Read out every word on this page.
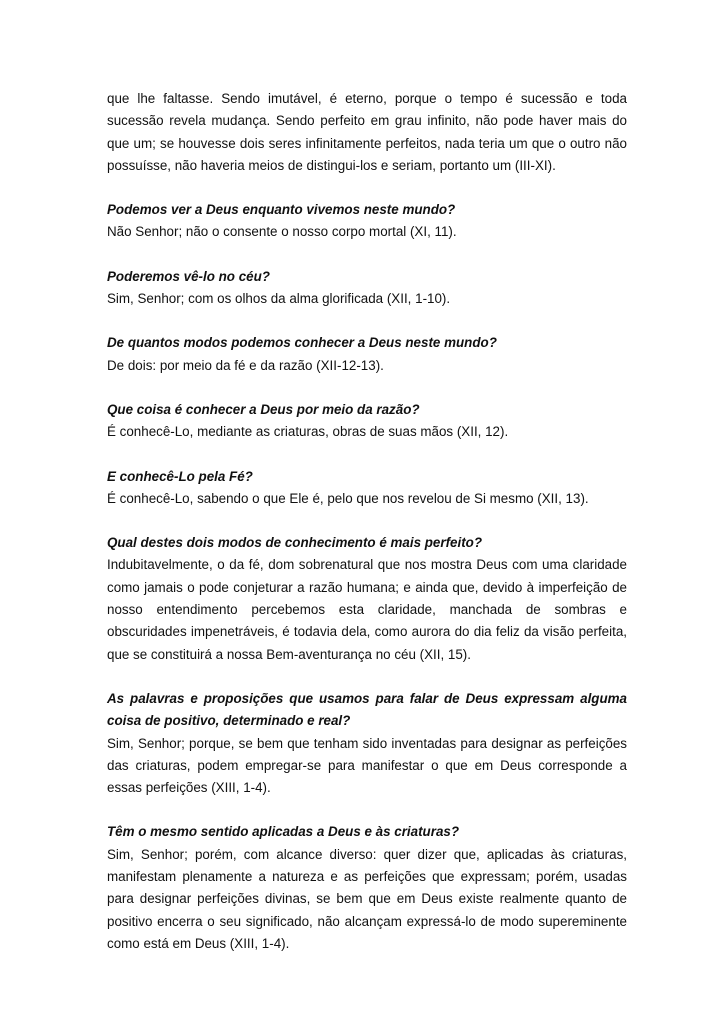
que lhe faltasse. Sendo imutável, é eterno, porque o tempo é sucessão e toda sucessão revela mudança. Sendo perfeito em grau infinito, não pode haver mais do que um; se houvesse dois seres infinitamente perfeitos, nada teria um que o outro não possuísse, não haveria meios de distingui-los e seriam, portanto um (III-XI).

Podemos ver a Deus enquanto vivemos neste mundo?

Não Senhor; não o consente o nosso corpo mortal (XI, 11).

Poderemos vê-lo no céu?

Sim, Senhor; com os olhos da alma glorificada (XII, 1-10).

De quantos modos podemos conhecer a Deus neste mundo?

De dois: por meio da fé e da razão (XII-12-13).

Que coisa é conhecer a Deus por meio da razão?

É conhecê-Lo, mediante as criaturas, obras de suas mãos (XII, 12).

E conhecê-Lo pela Fé?

É conhecê-Lo, sabendo o que Ele é, pelo que nos revelou de Si mesmo (XII, 13).

Qual destes dois modos de conhecimento é mais perfeito?

Indubitavelmente, o da fé, dom sobrenatural que nos mostra Deus com uma claridade como jamais o pode conjeturar a razão humana; e ainda que, devido à imperfeição de nosso entendimento percebemos esta claridade, manchada de sombras e obscuridades impenetráveis, é todavia dela, como aurora do dia feliz da visão perfeita, que se constituirá a nossa Bem-aventurança no céu (XII, 15).

As palavras e proposições que usamos para falar de Deus expressam alguma coisa de positivo, determinado e real?

Sim, Senhor; porque, se bem que tenham sido inventadas para designar as perfeições das criaturas, podem empregar-se para manifestar o que em Deus corresponde a essas perfeições (XIII, 1-4).

Têm o mesmo sentido aplicadas a Deus e às criaturas?

Sim, Senhor; porém, com alcance diverso: quer dizer que, aplicadas às criaturas, manifestam plenamente a natureza e as perfeições que expressam; porém, usadas para designar perfeições divinas, se bem que em Deus existe realmente quanto de positivo encerra o seu significado, não alcançam expressá-lo de modo supereminente como está em Deus (XIII, 1-4).
